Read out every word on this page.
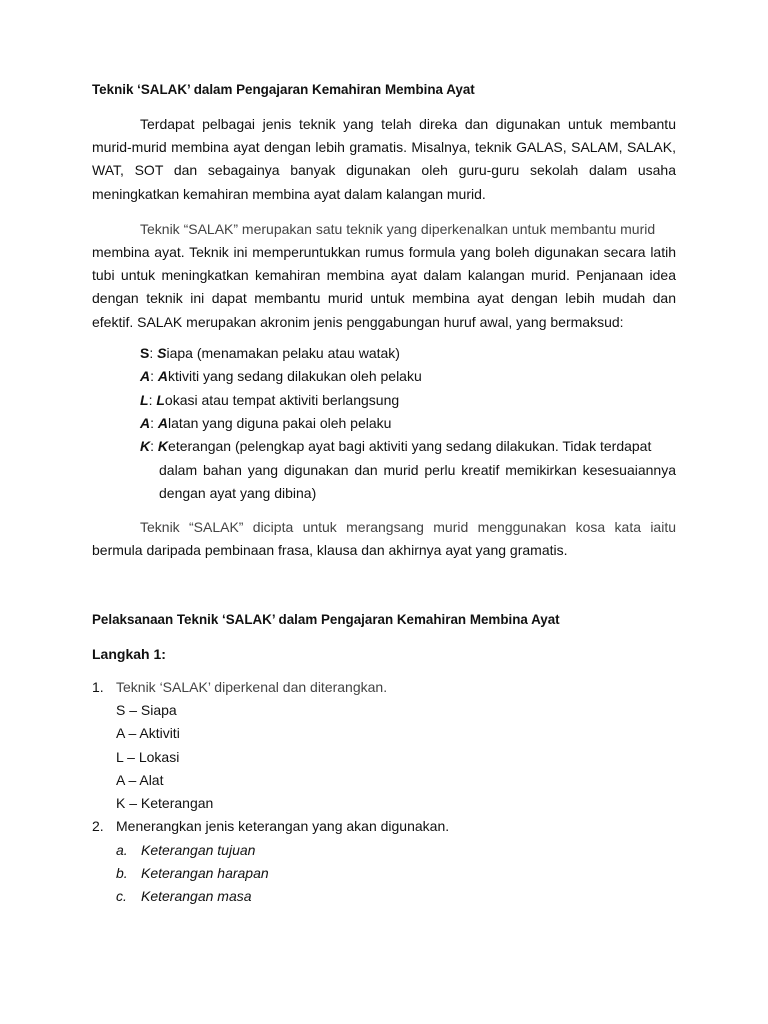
Teknik ‘SALAK’ dalam Pengajaran Kemahiran Membina Ayat

Terdapat pelbagai jenis teknik yang telah direka dan digunakan untuk membantu murid-murid membina ayat dengan lebih gramatis. Misalnya, teknik GALAS, SALAM, SALAK, WAT, SOT dan sebagainya banyak digunakan oleh guru-guru sekolah dalam usaha meningkatkan kemahiran membina ayat dalam kalangan murid.

Teknik “SALAK” merupakan satu teknik yang diperkenalkan untuk membantu murid
membina ayat. Teknik ini memperuntukkan rumus formula yang boleh digunakan secara latih tubi untuk meningkatkan kemahiran membina ayat dalam kalangan murid. Penjanaan idea dengan teknik ini dapat membantu murid untuk membina ayat dengan lebih mudah dan efektif. SALAK merupakan akronim jenis penggabungan huruf awal, yang bermaksud:

S: Siapa (menamakan pelaku atau watak)
A: Aktiviti yang sedang dilakukan oleh pelaku
L: Lokasi atau tempat aktiviti berlangsung
A: Alatan yang diguna pakai oleh pelaku
K: Keterangan (pelengkap ayat bagi aktiviti yang sedang dilakukan. Tidak terdapat
dalam bahan yang digunakan dan murid perlu kreatif memikirkan kesesuaiannya dengan ayat yang dibina)

Teknik “SALAK” dicipta untuk merangsang murid menggunakan kosa kata iaitu
bermula daripada pembinaan frasa, klausa dan akhirnya ayat yang gramatis.

Pelaksanaan Teknik ‘SALAK’ dalam Pengajaran Kemahiran Membina Ayat

Langkah 1:

1. Teknik ‘SALAK’ diperkenal dan diterangkan.
S – Siapa
A – Aktiviti
L – Lokasi
A – Alat
K – Keterangan
2. Menerangkan jenis keterangan yang akan digunakan.
a. Keterangan tujuan
b. Keterangan harapan
c.	Keterangan masa
